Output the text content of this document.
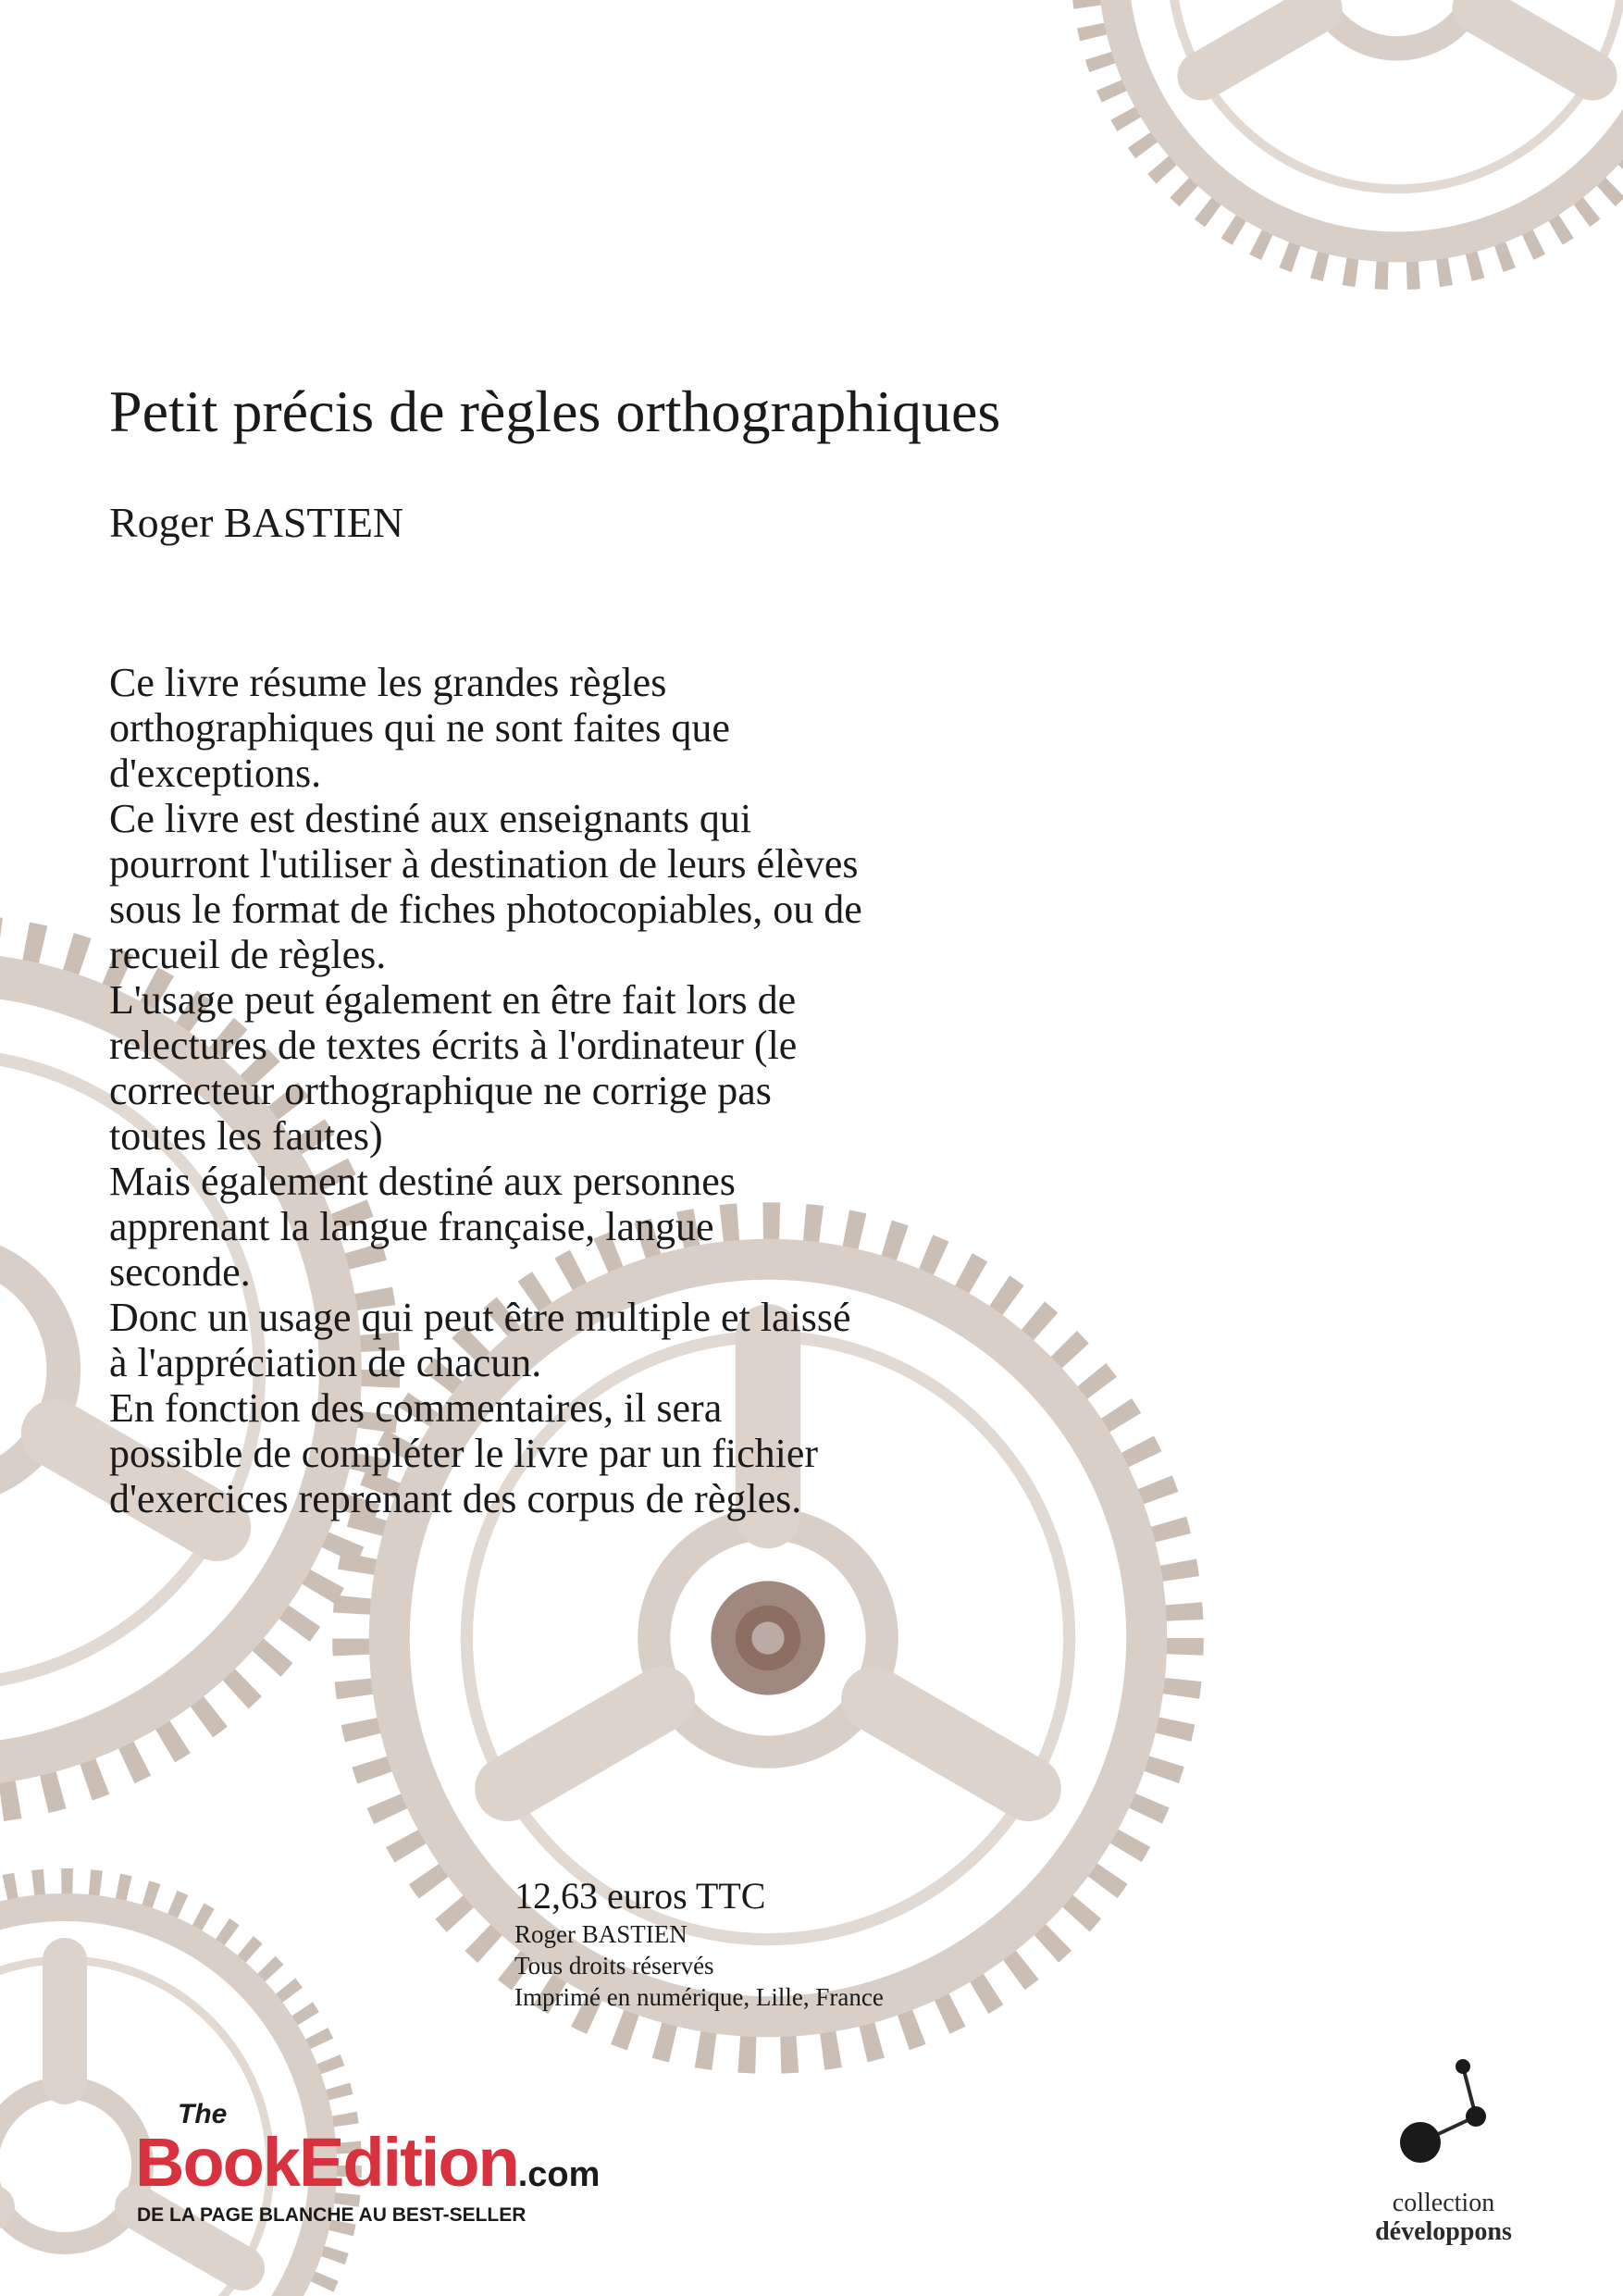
Petit précis de règles orthographiques
Roger BASTIEN

Ce livre résume les grandes règles

orthographiques qui ne sont faites que

d'exceptions.

Ce livre est destiné aux enseignants qui

pourront l'utiliser à destination de leurs élèves

sous le format de fiches photocopiables, ou de

recueil de règles.

L'usage peut également en être fait lors de

relectures de textes écrits à l'ordinateur (le

correcteur orthographique ne corrige pas

toutes les fautes)

Mais également destiné aux personnes

apprenant la langue française, langue

seconde.

Donc un usage qui peut être multiple et laissé

à l'appréciation de chacun.

En fonction des commentaires, il sera

possible de compléter le livre par un fichier

d'exercices reprenant des corpus de règles.

12,63 euros TTC
Roger BASTIEN
Tous droits réservés
Imprimé en numérique, Lille, France
The
BookEdition.com
DE LA PAGE BLANCHE AU BEST-SELLER	collection
développons
